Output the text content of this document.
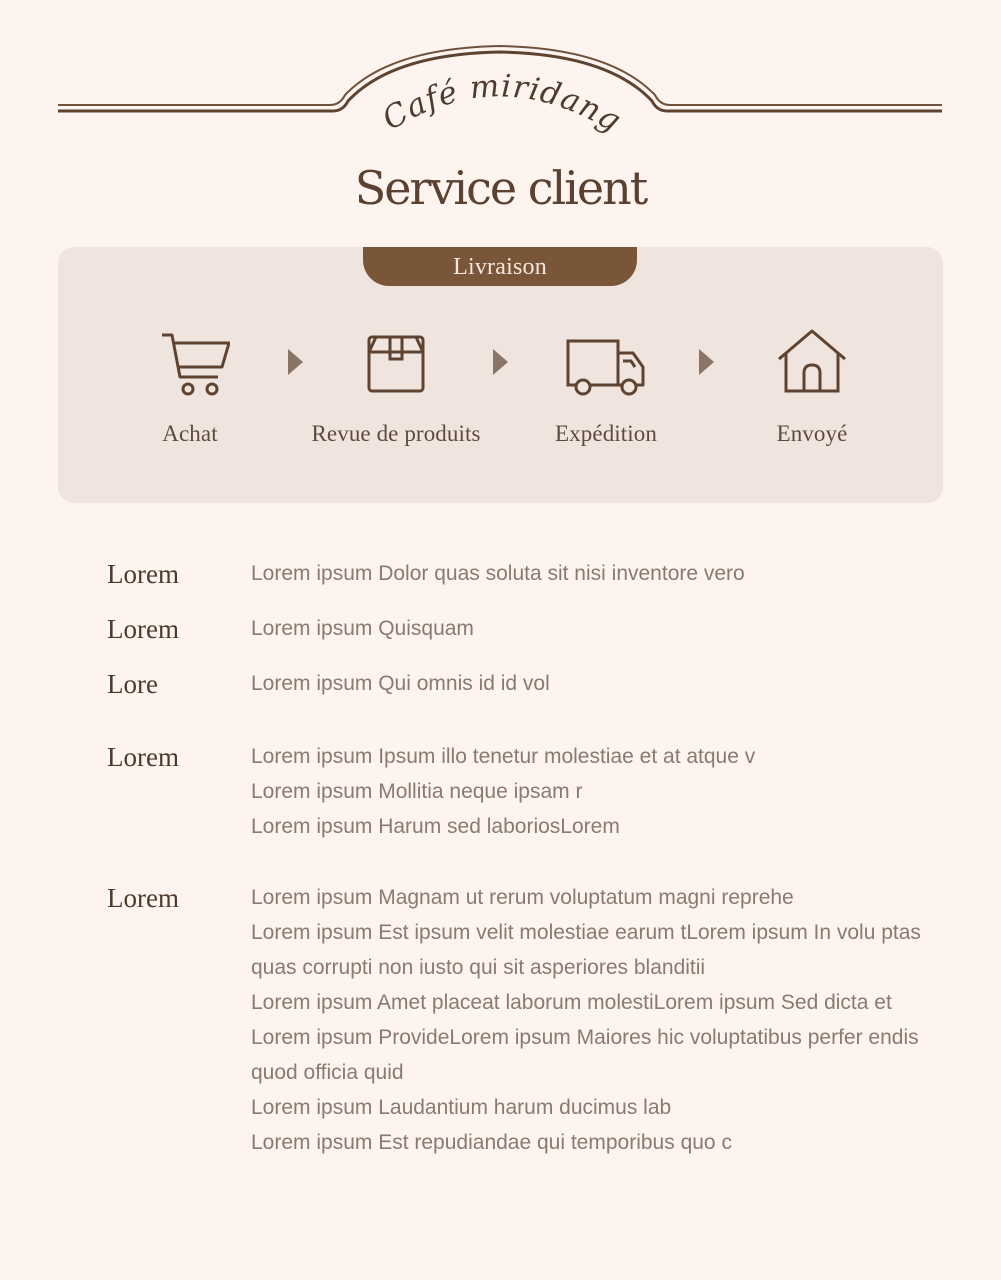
Café miridang
Service client
Livraison
Achat	Revue de produits	Expédition	Envoyé
Lorem	Lorem ipsum Dolor quas soluta sit nisi inventore vero
Lorem	Lorem ipsum Quisquam
Lore	Lorem ipsum Qui omnis id id vol
Lorem	Lorem ipsum Ipsum illo tenetur molestiae et at atque v
Lorem ipsum Mollitia neque ipsam r
Lorem ipsum Harum sed laboriosLorem
Lorem	Lorem ipsum Magnam ut rerum voluptatum magni reprehe
Lorem ipsum Est ipsum velit molestiae earum tLorem ipsum In volu ptas quas corrupti non iusto qui sit asperiores blanditii
Lorem ipsum Amet placeat laborum molestiLorem ipsum Sed dicta et
Lorem ipsum ProvideLorem ipsum Maiores hic voluptatibus perfer endis quod officia quid
Lorem ipsum Laudantium harum ducimus lab
Lorem ipsum Est repudiandae qui temporibus quo c
